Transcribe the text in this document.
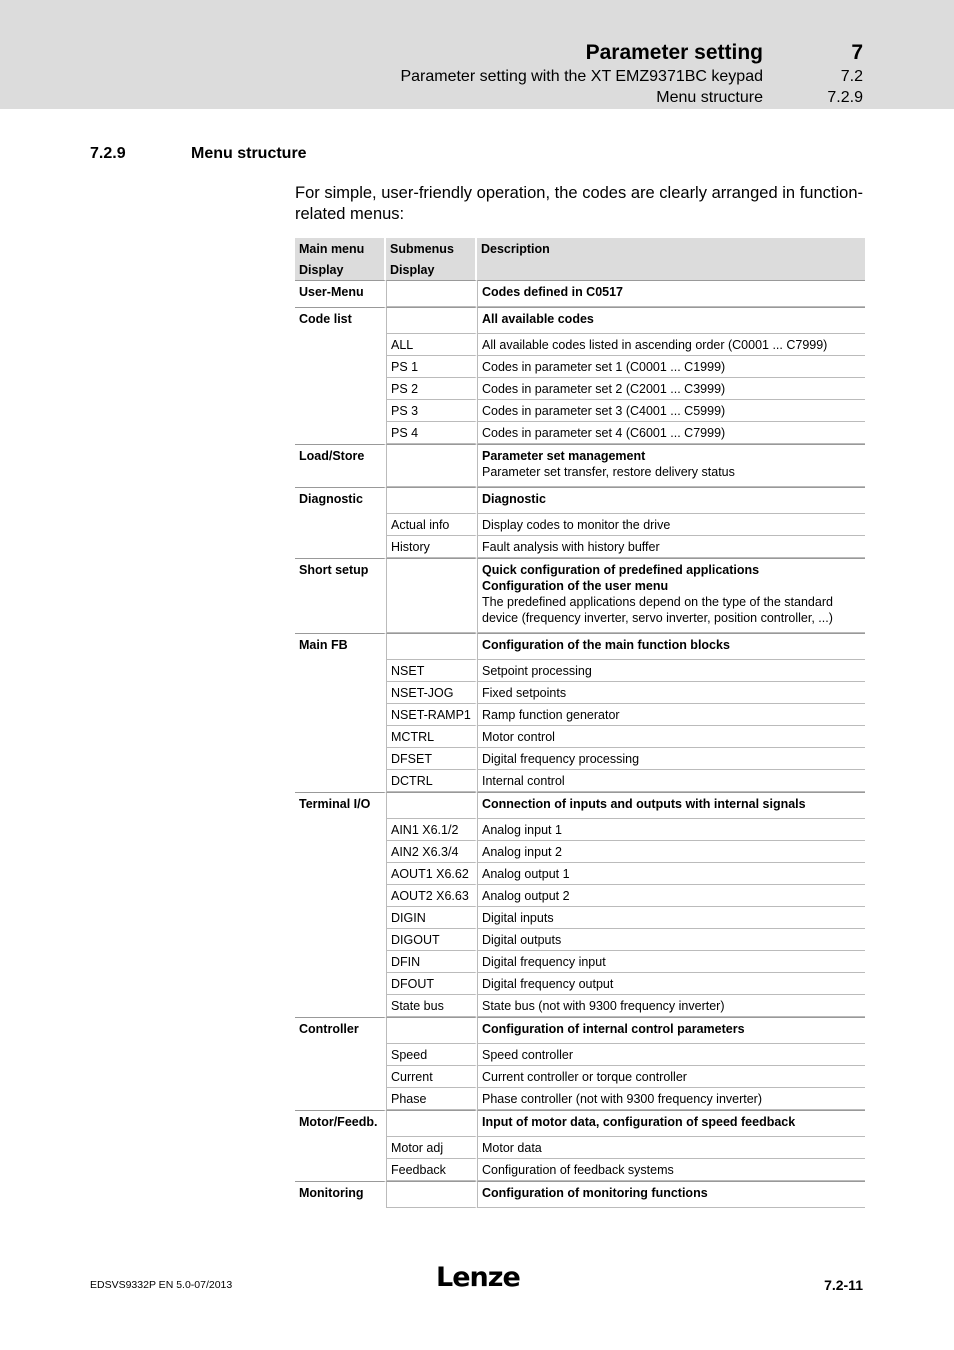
Parameter setting	7
Parameter setting with the XT EMZ9371BC keypad	7.2
Menu structure	7.2.9
7.2.9	Menu structure
For simple, user-friendly operation, the codes are clearly arranged in function-related menus:
Main menu	Submenus	Description
Display	Display	
User-Menu		Codes defined in C0517

Code list		All available codes

	ALL	All available codes listed in ascending order (C0001 ... C7999)
	PS 1	Codes in parameter set 1 (C0001 ... C1999)
	PS 2	Codes in parameter set 2 (C2001 ... C3999)
	PS 3	Codes in parameter set 3 (C4001 ... C5999)
	PS 4	Codes in parameter set 4 (C6001 ... C7999)
Load/Store		Parameter set management
Parameter set transfer, restore delivery status

Diagnostic		Diagnostic

	Actual info	Display codes to monitor the drive
	History	Fault analysis with history buffer
Short setup		Quick configuration of predefined applications
Configuration of the user menu
The predefined applications depend on the type of the standard device (frequency inverter, servo inverter, position controller, ...)

Main FB		Configuration of the main function blocks

	NSET	Setpoint processing
	NSET-JOG	Fixed setpoints
	NSET-RAMP1	Ramp function generator
	MCTRL	Motor control
	DFSET	Digital frequency processing
	DCTRL	Internal control
Terminal I/O		Connection of inputs and outputs with internal signals

	AIN1 X6.1/2	Analog input 1
	AIN2 X6.3/4	Analog input 2
	AOUT1 X6.62	Analog output 1
	AOUT2 X6.63	Analog output 2
	DIGIN	Digital inputs
	DIGOUT	Digital outputs
	DFIN	Digital frequency input
	DFOUT	Digital frequency output
	State bus	State bus (not with 9300 frequency inverter)
Controller		Configuration of internal control parameters

	Speed	Speed controller
	Current	Current controller or torque controller
	Phase	Phase controller (not with 9300 frequency inverter)
Motor/Feedb.		Input of motor data, configuration of speed feedback

	Motor adj	Motor data
	Feedback	Configuration of feedback systems
Monitoring		Configuration of monitoring functions
EDSVS9332P EN 5.0-07/2013	Lenze	7.2-11
